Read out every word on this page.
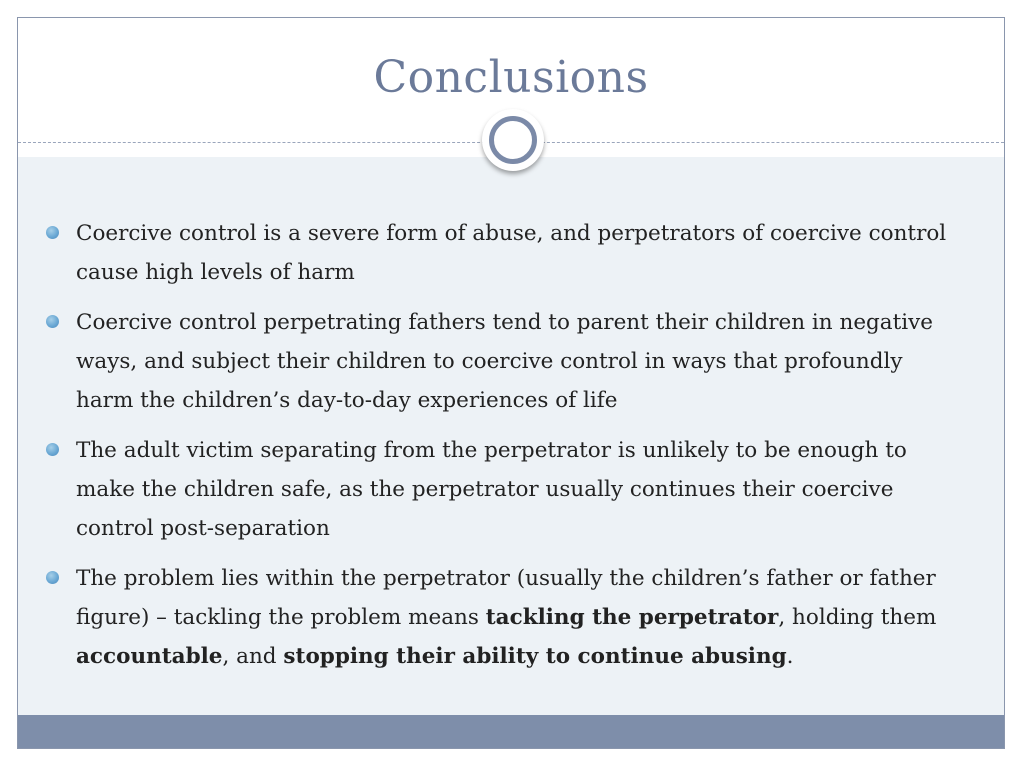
Conclusions
Coercive control is a severe form of abuse, and perpetrators of coercive control cause high levels of harm
Coercive control perpetrating fathers tend to parent their children in negative ways, and subject their children to coercive control in ways that profoundly harm the children’s day-to-day experiences of life
The adult victim separating from the perpetrator is unlikely to be enough to make the children safe, as the perpetrator usually continues their coercive control post-separation
The problem lies within the perpetrator (usually the children’s father or father figure) – tackling the problem means tackling the perpetrator, holding them accountable, and stopping their ability to continue abusing.
